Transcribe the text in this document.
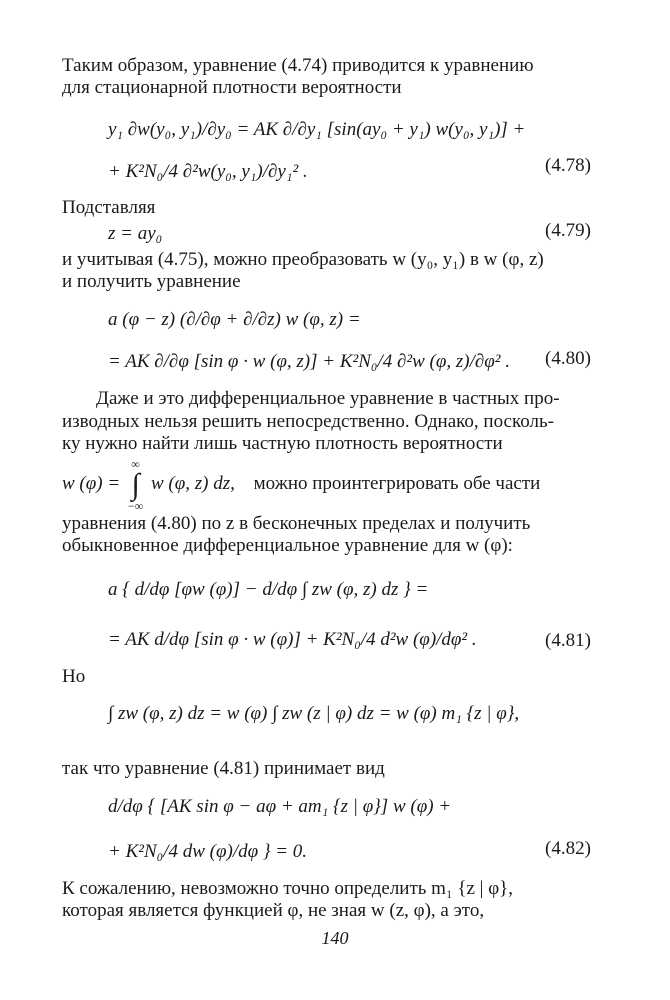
Таким образом, уравнение (4.74) приводится к уравнению
для стационарной плотности вероятности
y₁ ∂w(y₀, y₁)/∂y₀ = AK ∂/∂y₁ [sin(ay₀ + y₁) w(y₀, y₁)] +
+ K²N₀/4 ∂²w(y₀, y₁)/∂y₁² .	(4.78)
Подставляя
z = ay₀	(4.79)
и учитывая (4.75), можно преобразовать w (y₀, y₁) в w (φ, z)
и получить уравнение
a (φ − z) (∂/∂φ + ∂/∂z) w (φ, z) =
= AK ∂/∂φ [sin φ · w (φ, z)] + K²N₀/4 ∂²w (φ, z)/∂φ² . (4.80)
Даже и это дифференциальное уравнение в частных про-
изводных нельзя решить непосредственно. Однако, посколь-
ку нужно найти лишь частную плотность вероятности
w (φ) =
∞
∫
−∞
w (φ, z) dz, можно проинтегрировать обе части
уравнения (4.80) по z в бесконечных пределах и получить
обыкновенное дифференциальное уравнение для w (φ):
a { d/dφ [φw (φ)] − d/dφ ∫ zw (φ, z) dz } =
= AK d/dφ [sin φ · w (φ)] + K²N₀/4 d²w (φ)/dφ² .	(4.81)
Но
∫ zw (φ, z) dz = w (φ) ∫ zw (z | φ) dz = w (φ) m₁ {z | φ},
так что уравнение (4.81) принимает вид
d/dφ { [AK sin φ − aφ + am₁ {z | φ}] w (φ) +
+ K²N₀/4 dw (φ)/dφ } = 0.	(4.82)
К сожалению, невозможно точно определить m₁ {z | φ},
которая является функцией φ, не зная w (z, φ), а это,
140
